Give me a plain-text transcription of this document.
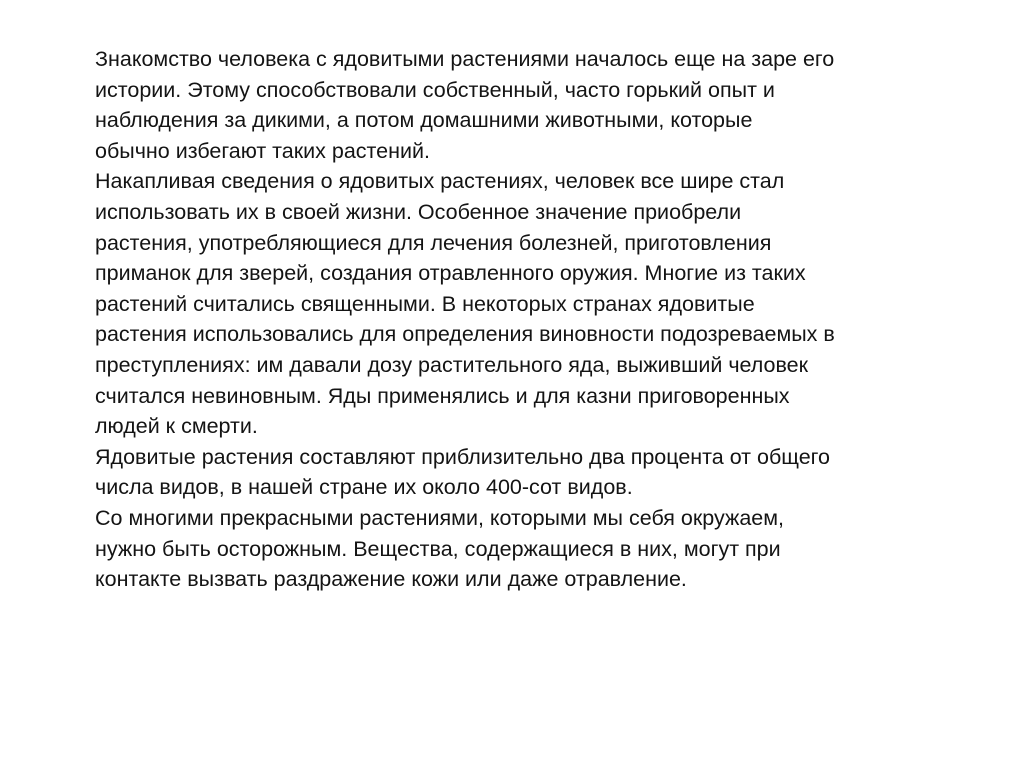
Знакомство человека с ядовитыми растениями началось еще на заре его
истории. Этому способствовали собственный, часто горький опыт и
наблюдения за дикими, а потом домашними животными, которые
обычно избегают таких растений.
Накапливая сведения о ядовитых растениях, человек все шире стал
использовать их в своей жизни. Особенное значение приобрели
растения, употребляющиеся для лечения болезней, приготовления
приманок для зверей, создания отравленного оружия. Многие из таких
растений считались священными. В некоторых странах ядовитые
растения использовались для определения виновности подозреваемых в
преступлениях: им давали дозу растительного яда, выживший человек
считался невиновным. Яды применялись и для казни приговоренных
людей к смерти.
Ядовитые растения составляют приблизительно два процента от общего
числа видов, в нашей стране их около 400-сот видов.
Со многими прекрасными растениями, которыми мы себя окружаем,
нужно быть осторожным. Вещества, содержащиеся в них, могут при
контакте вызвать раздражение кожи или даже отравление.
